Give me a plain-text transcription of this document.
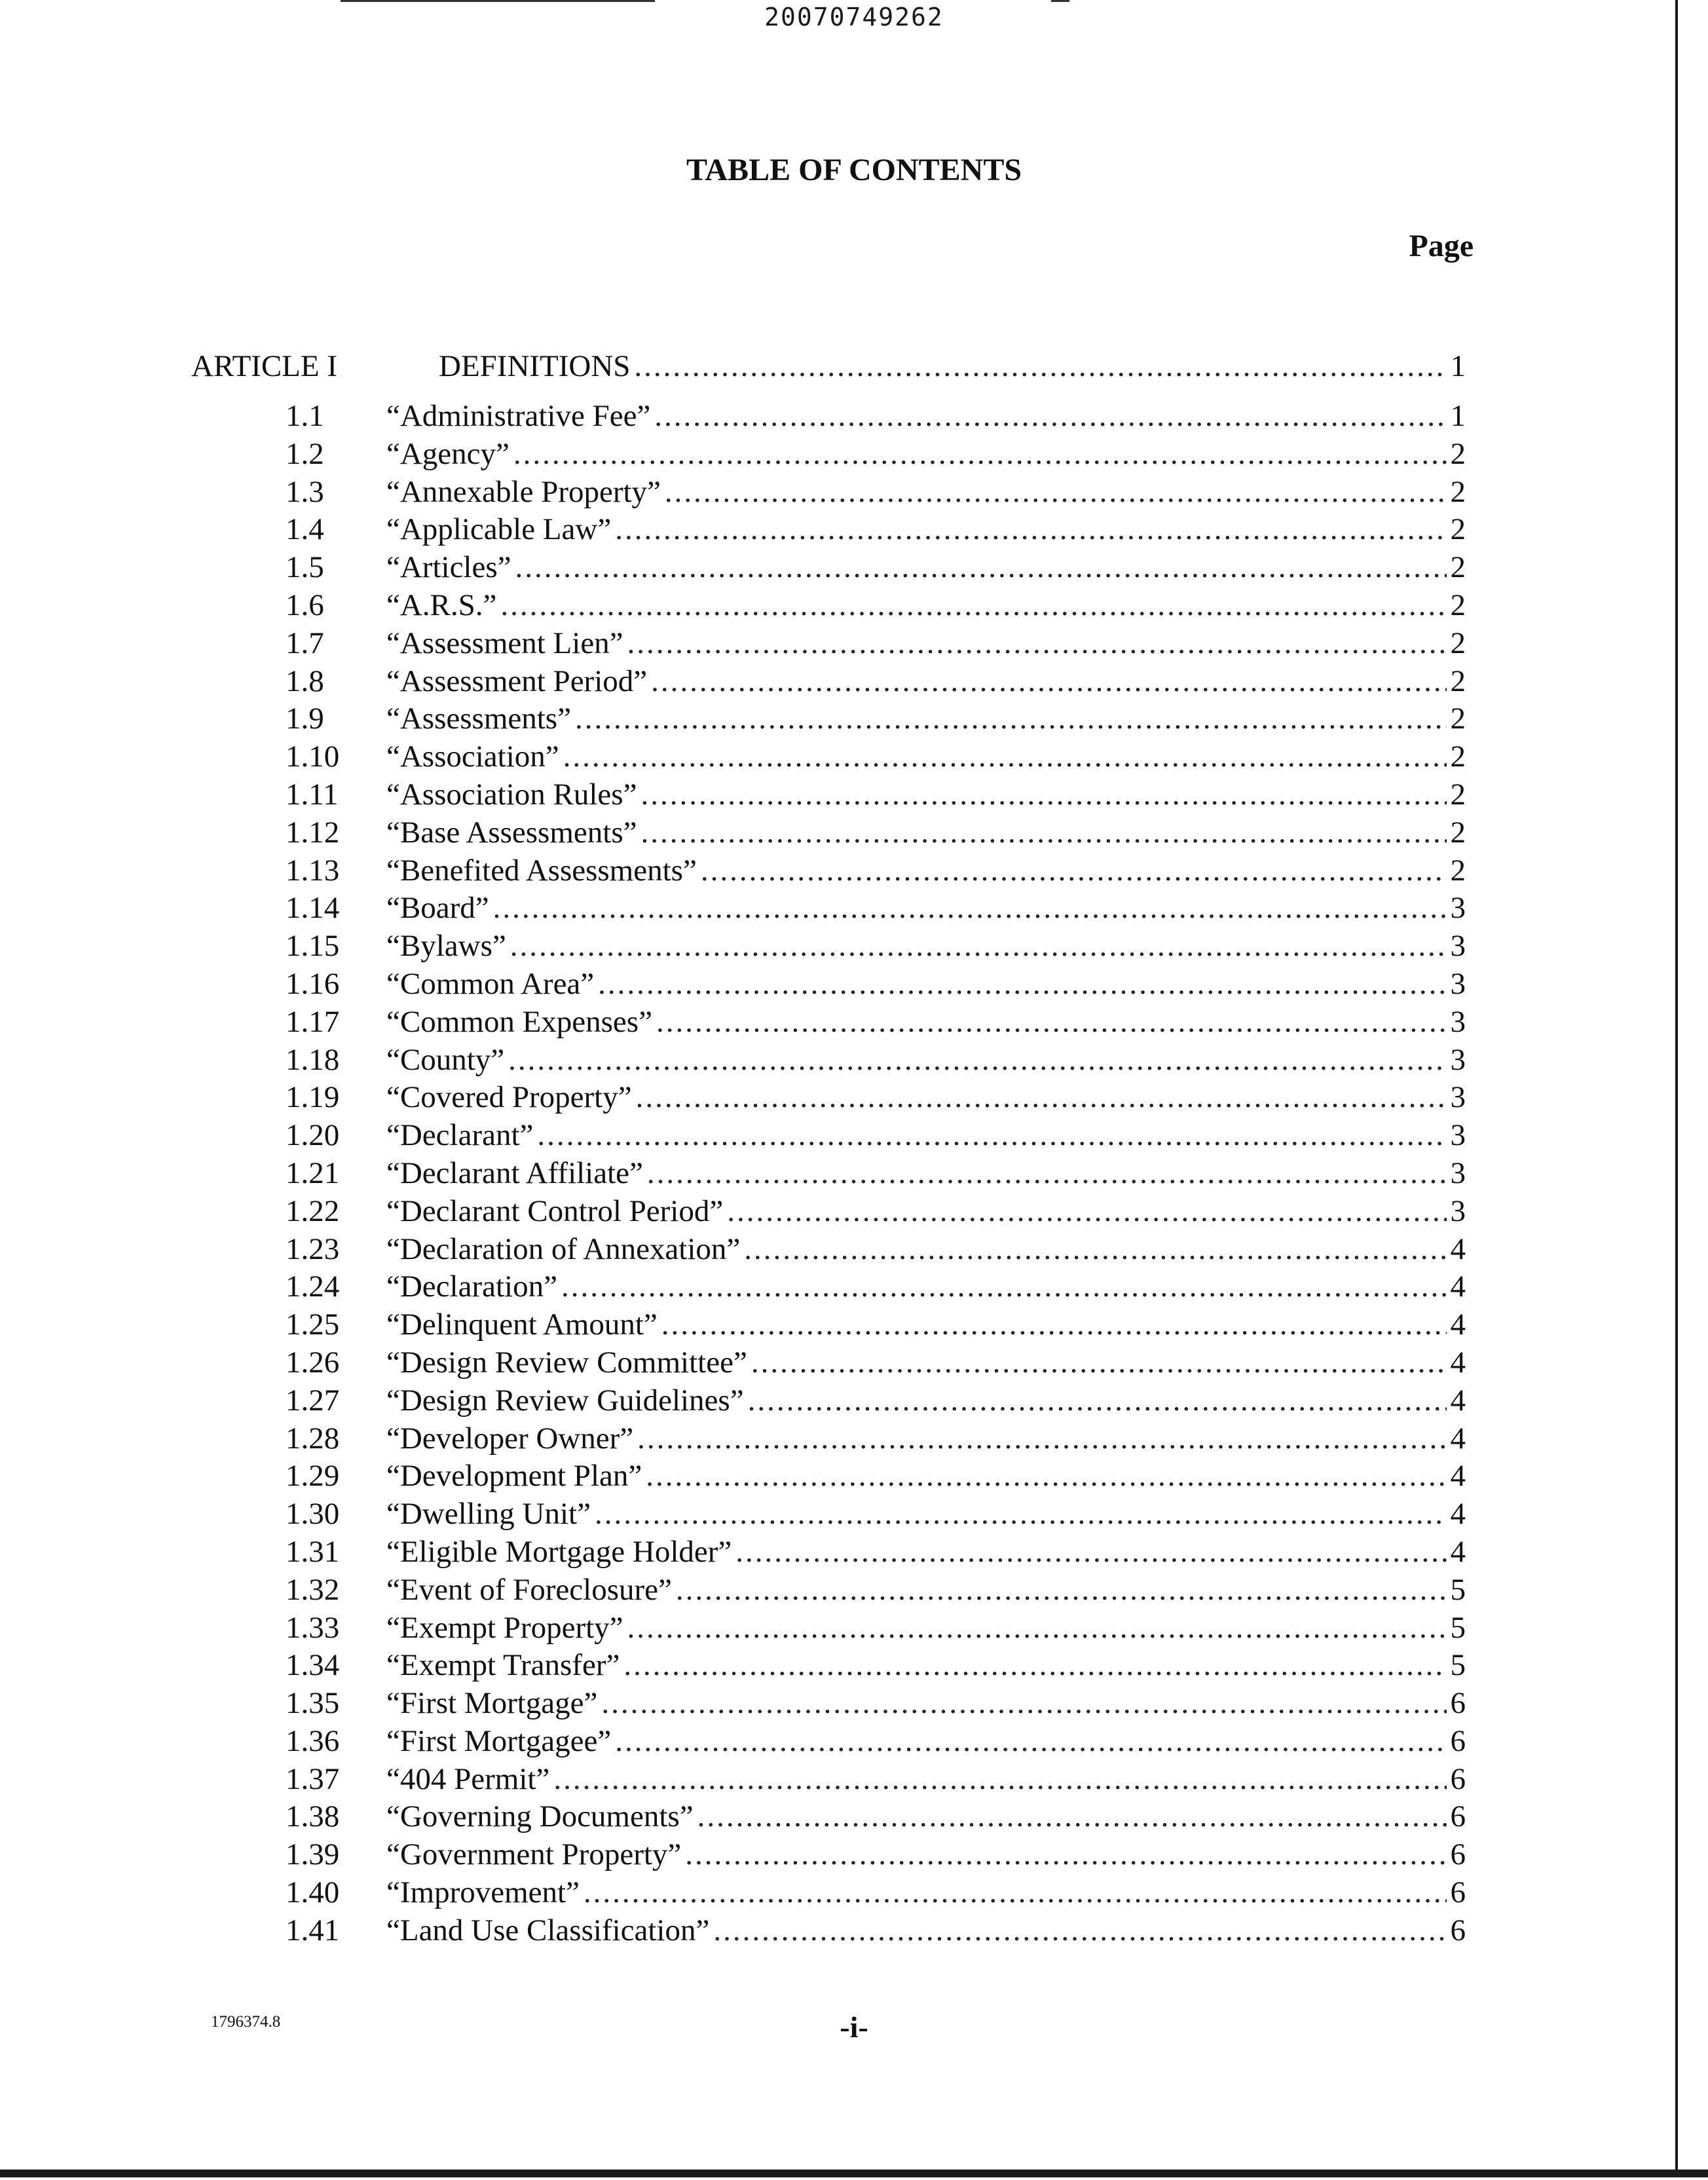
20070749262
TABLE OF CONTENTS
Page
ARTICLE I	DEFINITIONS .....	1
1.1 “Administrative Fee” .....	1
1.2 “Agency” .....	2
1.3 “Annexable Property” .....	2
1.4 “Applicable Law” .....	2
1.5 “Articles” .....	2
1.6 “A.R.S.” .....	2
1.7 “Assessment Lien” .....	2
1.8 “Assessment Period” .....	2
1.9 “Assessments” .....	2
1.10 “Association” .....	2
1.11 “Association Rules” .....	2
1.12 “Base Assessments” .....	2
1.13 “Benefited Assessments” .....	2
1.14 “Board” .....	3
1.15 “Bylaws” .....	3
1.16 “Common Area” .....	3
1.17 “Common Expenses” .....	3
1.18 “County” .....	3
1.19 “Covered Property” .....	3
1.20 “Declarant” .....	3
1.21 “Declarant Affiliate” .....	3
1.22 “Declarant Control Period” .....	3
1.23 “Declaration of Annexation” .....	4
1.24 “Declaration” .....	4
1.25 “Delinquent Amount” .....	4
1.26 “Design Review Committee” .....	4
1.27 “Design Review Guidelines” .....	4
1.28 “Developer Owner” .....	4
1.29 “Development Plan” .....	4
1.30 “Dwelling Unit” .....	4
1.31 “Eligible Mortgage Holder” .....	4
1.32 “Event of Foreclosure” .....	5
1.33 “Exempt Property” .....	5
1.34 “Exempt Transfer” .....	5
1.35 “First Mortgage” .....	6
1.36 “First Mortgagee” .....	6
1.37 “404 Permit” .....	6
1.38 “Governing Documents” .....	6
1.39 “Government Property” .....	6
1.40 “Improvement” .....	6
1.41 “Land Use Classification” .....	6
1796374.8	-i-
